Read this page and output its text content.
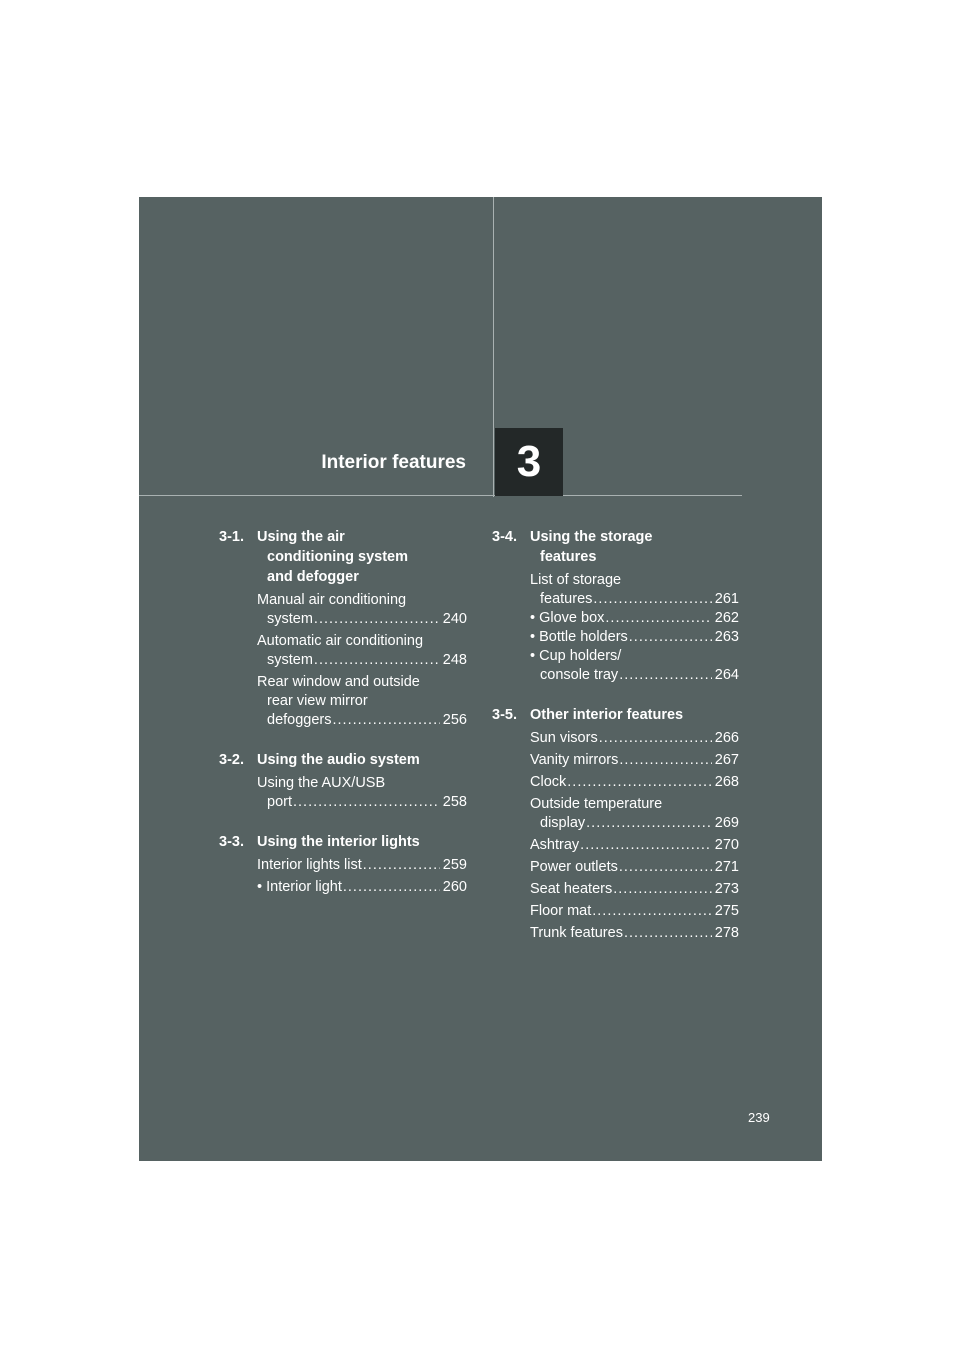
Interior features	3
3-1. Using the air
conditioning system
and defogger
Manual air conditioning
system .....	240
Automatic air conditioning
system .....	248
Rear window and outside
rear view mirror
defoggers .....	256
3-2. Using the audio system
Using the AUX/USB
port .....	258
3-3. Using the interior lights
Interior lights list .....	259
• Interior light .....	260
3-4. Using the storage
features
List of storage
features .....	261
• Glove box .....	262
• Bottle holders .....	263
• Cup holders/
console tray .....	264
3-5. Other interior features
Sun visors .....	266
Vanity mirrors .....	267
Clock .....	268
Outside temperature
display .....	269
Ashtray .....	270
Power outlets .....	271
Seat heaters .....	273
Floor mat .....	275
Trunk features .....	278
239
